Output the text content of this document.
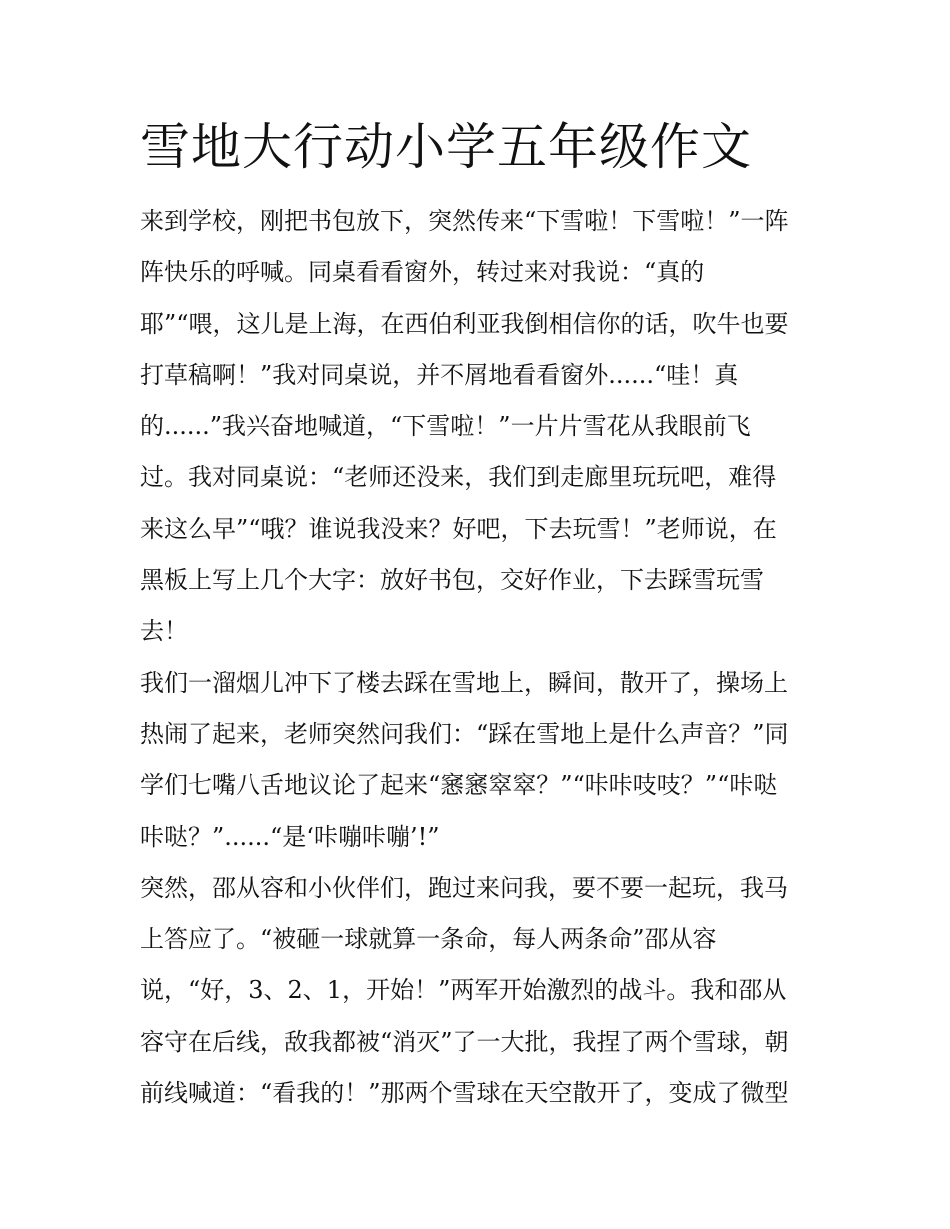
雪地大行动小学五年级作文
来到学校，刚把书包放下，突然传来“下雪啦！下雪啦！”一阵
阵快乐的呼喊。同桌看看窗外，转过来对我说：“真的
耶”“喂，这儿是上海，在西伯利亚我倒相信你的话，吹牛也要
打草稿啊！”我对同桌说，并不屑地看看窗外......“哇！真
的......”我兴奋地喊道，“下雪啦！”一片片雪花从我眼前飞
过。我对同桌说：“老师还没来，我们到走廊里玩玩吧，难得
来这么早”“哦？谁说我没来？好吧，下去玩雪！”老师说，在
黑板上写上几个大字：放好书包，交好作业，下去踩雪玩雪
去！
我们一溜烟儿冲下了楼去踩在雪地上，瞬间，散开了，操场上
热闹了起来，老师突然问我们：“踩在雪地上是什么声音？”同
学们七嘴八舌地议论了起来“窸窸窣窣？”“咔咔吱吱？”“咔哒
咔哒？”......“是‘咔嘣咔嘣’!”
突然，邵从容和小伙伴们，跑过来问我，要不要一起玩，我马
上答应了。“被砸一球就算一条命，每人两条命”邵从容
说，“好，3、2、1，开始！”两军开始激烈的战斗。我和邵从
容守在后线，敌我都被“消灭”了一大批，我捏了两个雪球，朝
前线喊道：“看我的！”那两个雪球在天空散开了，变成了微型
